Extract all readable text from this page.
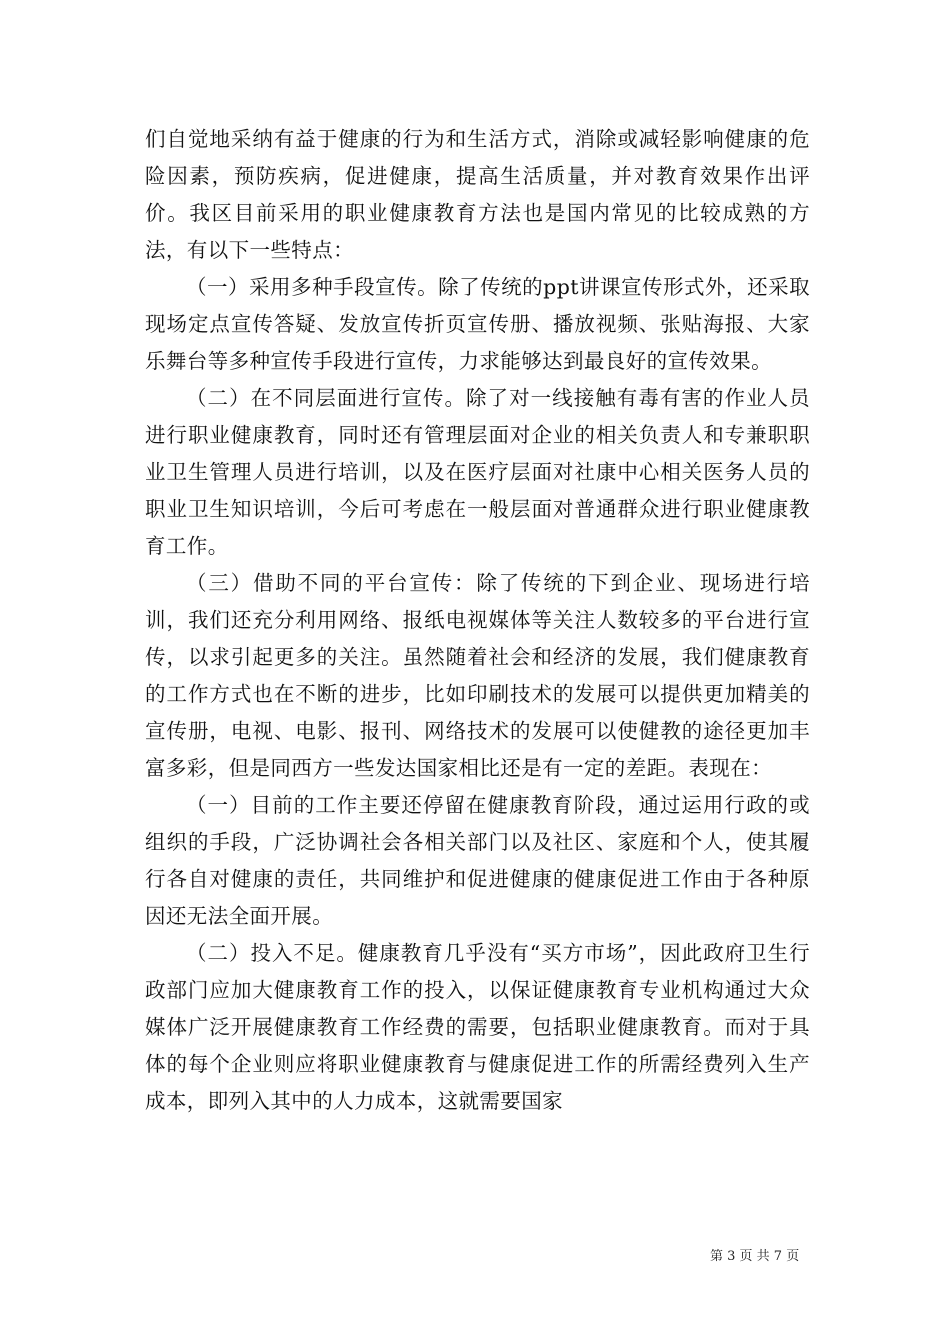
们自觉地采纳有益于健康的行为和生活方式，消除或减轻影响健康的危险因素，预防疾病，促进健康，提高生活质量，并对教育效果作出评价。我区目前采用的职业健康教育方法也是国内常见的比较成熟的方法，有以下一些特点：

（一）采用多种手段宣传。除了传统的ppt讲课宣传形式外，还采取现场定点宣传答疑、发放宣传折页宣传册、播放视频、张贴海报、大家乐舞台等多种宣传手段进行宣传，力求能够达到最良好的宣传效果。

（二）在不同层面进行宣传。除了对一线接触有毒有害的作业人员进行职业健康教育，同时还有管理层面对企业的相关负责人和专兼职职业卫生管理人员进行培训，以及在医疗层面对社康中心相关医务人员的职业卫生知识培训，今后可考虑在一般层面对普通群众进行职业健康教育工作。

（三）借助不同的平台宣传：除了传统的下到企业、现场进行培训，我们还充分利用网络、报纸电视媒体等关注人数较多的平台进行宣传，以求引起更多的关注。虽然随着社会和经济的发展，我们健康教育的工作方式也在不断的进步，比如印刷技术的发展可以提供更加精美的宣传册，电视、电影、报刊、网络技术的发展可以使健教的途径更加丰富多彩，但是同西方一些发达国家相比还是有一定的差距。表现在：

（一）目前的工作主要还停留在健康教育阶段，通过运用行政的或组织的手段，广泛协调社会各相关部门以及社区、家庭和个人，使其履行各自对健康的责任，共同维护和促进健康的健康促进工作由于各种原因还无法全面开展。

（二）投入不足。健康教育几乎没有“买方市场”，因此政府卫生行政部门应加大健康教育工作的投入，以保证健康教育专业机构通过大众媒体广泛开展健康教育工作经费的需要，包括职业健康教育。而对于具体的每个企业则应将职业健康教育与健康促进工作的所需经费列入生产成本，即列入其中的人力成本，这就需要国家

第 3 页 共 7 页
